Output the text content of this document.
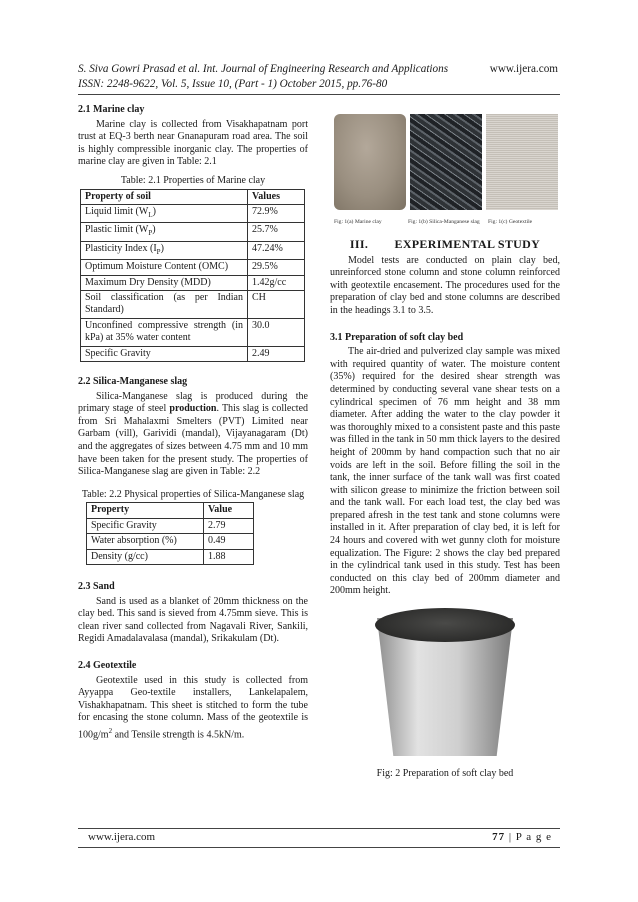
S. Siva Gowri Prasad et al. Int. Journal of Engineering Research and Applications
ISSN: 2248-9622, Vol. 5, Issue 10, (Part - 1) October 2015, pp.76-80
www.ijera.com
2.1 Marine clay

Marine clay is collected from Visakhapatnam port trust at EQ-3 berth near Gnanapuram road area. The soil is highly compressible inorganic clay. The properties of marine clay are given in Table: 2.1

Table: 2.1 Properties of Marine clay
Property of soil	Values
Liquid limit $(W_L)$	72.9%
Plastic limit $(W_P)$	25.7%
Plasticity Index $(I_P)$	47.24%
Optimum Moisture Content (OMC)	29.5%
Maximum Dry Density (MDD)	1.42g/cc
Soil classification (as per Indian Standard)	CH
Unconfined compressive strength (in kPa) at 35% water content	30.0
Specific Gravity	2.49
2.2 Silica-Manganese slag

Silica-Manganese slag is produced during the primary stage of steel production. This slag is collected from Sri Mahalaxmi Smelters (PVT) Limited near Garbam (vill), Garividi (mandal), Vijayanagaram (Dt) and the aggregates of sizes between 4.75 mm and 10 mm have been taken for the present study. The properties of Silica-Manganese slag are given in Table: 2.2

Table: 2.2 Physical properties of Silica-Manganese slag
Property	Value
Specific Gravity	2.79
Water absorption (%)	0.49
Density (g/cc)	1.88
2.3 Sand

Sand is used as a blanket of 20mm thickness on the clay bed. This sand is sieved from 4.75mm sieve. This is clean river sand collected from Nagavali River, Sankili, Regidi Amadalavalasa (mandal), Srikakulam (Dt).

2.4 Geotextile

Geotextile used in this study is collected from Ayyappa Geo-textile installers, Lankelapalem, Vishakhapatnam. This sheet is stitched to form the tube for encasing the stone column. Mass of the geotextile is $100g/m^2$ and Tensile strength is 4.5kN/m.

Fig: 1(a) Marine clay	Fig: 1(b) Silica-Manganese slag Fig: 1(c) Geotextile
III.        EXPERIMENTAL STUDY

Model tests are conducted on plain clay bed, unreinforced stone column and stone column reinforced with geotextile encasement. The procedures used for the preparation of clay bed and stone columns are described in the headings 3.1 to 3.5.

3.1 Preparation of soft clay bed

The air-dried and pulverized clay sample was mixed with required quantity of water. The moisture content (35%) required for the desired shear strength was determined by conducting several vane shear tests on a cylindrical specimen of 76 mm height and 38 mm diameter. After adding the water to the clay powder it was thoroughly mixed to a consistent paste and this paste was filled in the tank in 50 mm thick layers to the desired height of 200mm by hand compaction such that no air voids are left in the soil. Before filling the soil in the tank, the inner surface of the tank wall was first coated with silicon grease to minimize the friction between soil and the tank wall. For each load test, the clay bed was prepared afresh in the test tank and stone columns were installed in it. After preparation of clay bed, it is left for 24 hours and covered with wet gunny cloth for moisture equalization. The Figure: 2 shows the clay bed prepared in the cylindrical tank used in this study. Test has been conducted on this clay bed of 200mm diameter and 200mm height.

Fig: 2 Preparation of soft clay bed
www.ijera.com	77 | P a g e
